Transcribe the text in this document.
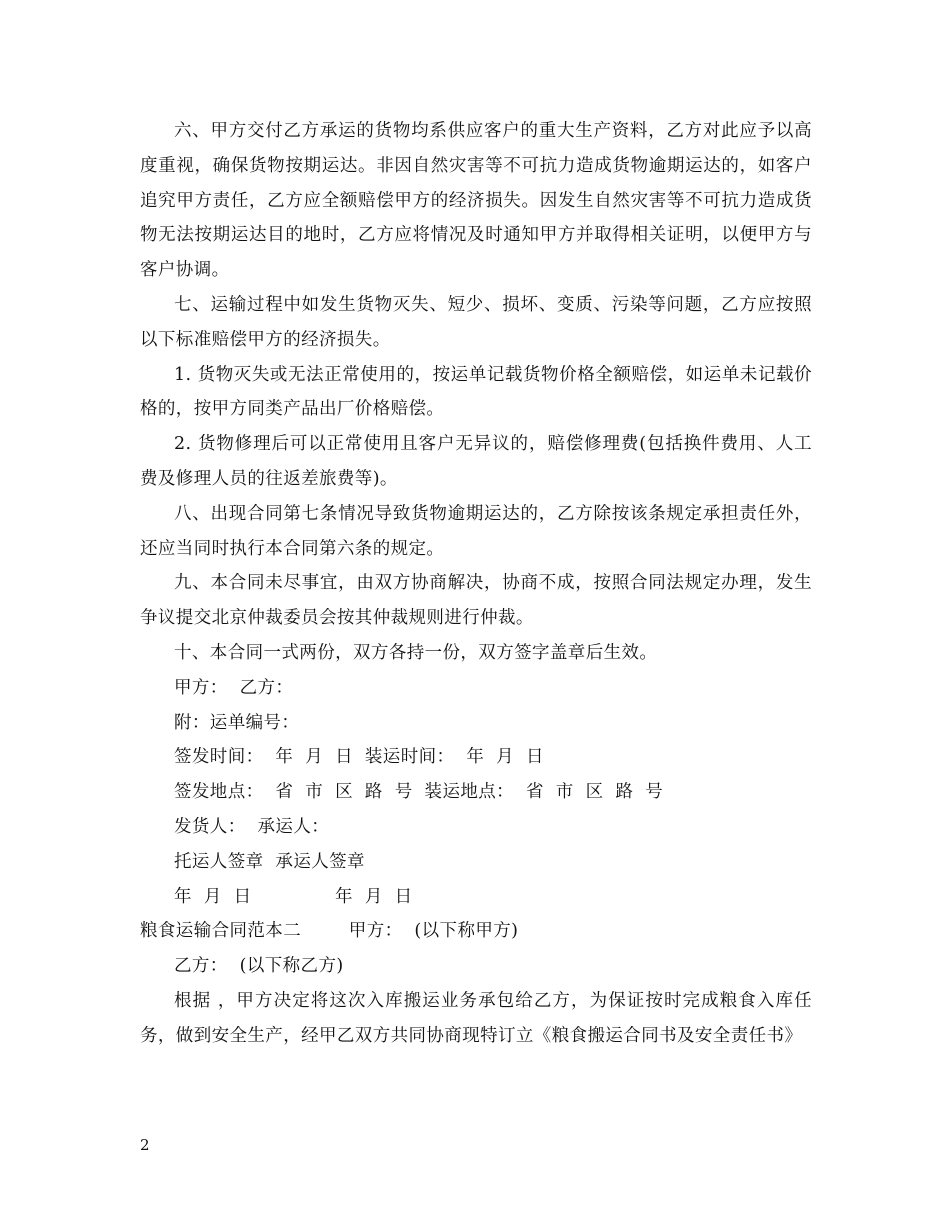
六、甲方交付乙方承运的货物均系供应客户的重大生产资料，乙方对此应予以高度重视，确保货物按期运达。非因自然灾害等不可抗力造成货物逾期运达的，如客户追究甲方责任，乙方应全额赔偿甲方的经济损失。因发生自然灾害等不可抗力造成货物无法按期运达目的地时，乙方应将情况及时通知甲方并取得相关证明，以便甲方与客户协调。

七、运输过程中如发生货物灭失、短少、损坏、变质、污染等问题，乙方应按照以下标准赔偿甲方的经济损失。

1. 货物灭失或无法正常使用的，按运单记载货物价格全额赔偿，如运单未记载价格的，按甲方同类产品出厂价格赔偿。

2. 货物修理后可以正常使用且客户无异议的，赔偿修理费(包括换件费用、人工费及修理人员的往返差旅费等)。

八、出现合同第七条情况导致货物逾期运达的，乙方除按该条规定承担责任外，还应当同时执行本合同第六条的规定。

九、本合同未尽事宜，由双方协商解决，协商不成，按照合同法规定办理，发生争议提交北京仲裁委员会按其仲裁规则进行仲裁。

十、本合同一式两份，双方各持一份，双方签字盖章后生效。

甲方：  乙方：

附：运单编号：

签发时间：  年  月  日  装运时间：  年  月  日

签发地点：  省  市  区  路  号  装运地点：  省  市  区  路  号

发货人：  承运人：

托运人签章  承运人签章

年  月  日              年  月  日

粮食运输合同范本二        甲方：  (以下称甲方)

乙方：  (以下称乙方)

根据 ，甲方决定将这次入库搬运业务承包给乙方，为保证按时完成粮食入库任务，做到安全生产，经甲乙双方共同协商现特订立《粮食搬运合同书及安全责任书》

2
